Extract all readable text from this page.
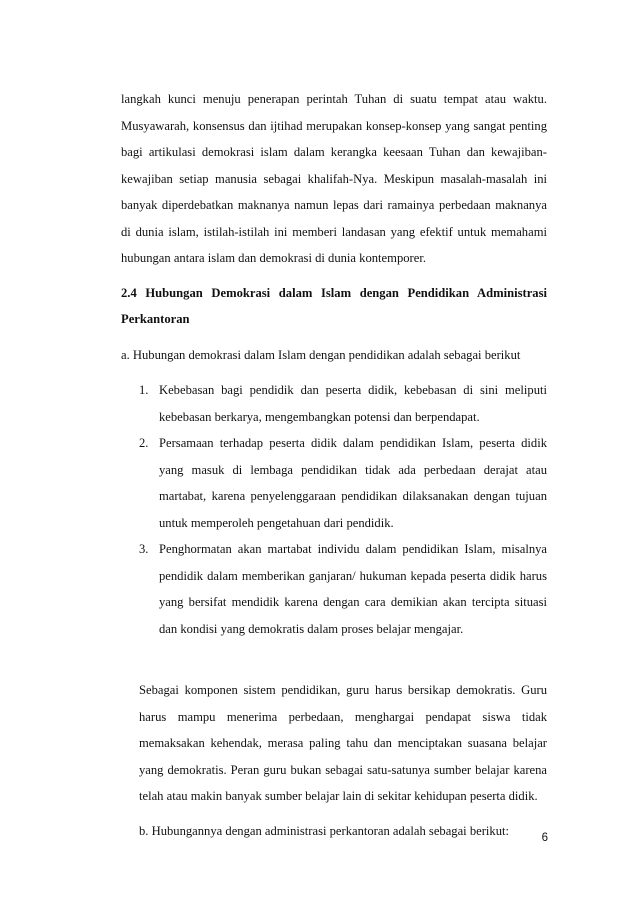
langkah kunci menuju penerapan perintah Tuhan di suatu tempat atau waktu. Musyawarah, konsensus dan ijtihad merupakan konsep-konsep yang sangat penting bagi artikulasi demokrasi islam dalam kerangka keesaan Tuhan dan kewajiban-kewajiban setiap manusia sebagai khalifah-Nya. Meskipun masalah-masalah ini banyak diperdebatkan maknanya namun lepas dari ramainya perbedaan maknanya di dunia islam, istilah-istilah ini memberi landasan yang efektif untuk memahami hubungan antara islam dan demokrasi di dunia kontemporer.

2.4 Hubungan Demokrasi dalam Islam dengan Pendidikan Administrasi Perkantoran

a. Hubungan demokrasi dalam Islam dengan pendidikan adalah sebagai berikut

1. Kebebasan bagi pendidik dan peserta didik, kebebasan di sini meliputi kebebasan berkarya, mengembangkan potensi dan berpendapat.
2. Persamaan terhadap peserta didik dalam pendidikan Islam, peserta didik yang masuk di lembaga pendidikan tidak ada perbedaan derajat atau martabat, karena penyelenggaraan pendidikan dilaksanakan dengan tujuan untuk memperoleh pengetahuan dari pendidik.
3. Penghormatan akan martabat individu dalam pendidikan Islam, misalnya pendidik dalam memberikan ganjaran/ hukuman kepada peserta didik harus yang bersifat mendidik karena dengan cara demikian akan tercipta situasi dan kondisi yang demokratis dalam proses belajar mengajar.

Sebagai komponen sistem pendidikan, guru harus bersikap demokratis. Guru harus mampu menerima perbedaan, menghargai pendapat siswa tidak memaksakan kehendak, merasa paling tahu dan menciptakan suasana belajar yang demokratis. Peran guru bukan sebagai satu-satunya sumber belajar karena telah atau makin banyak sumber belajar lain di sekitar kehidupan peserta didik.

b. Hubungannya dengan administrasi perkantoran adalah sebagai berikut:

6
